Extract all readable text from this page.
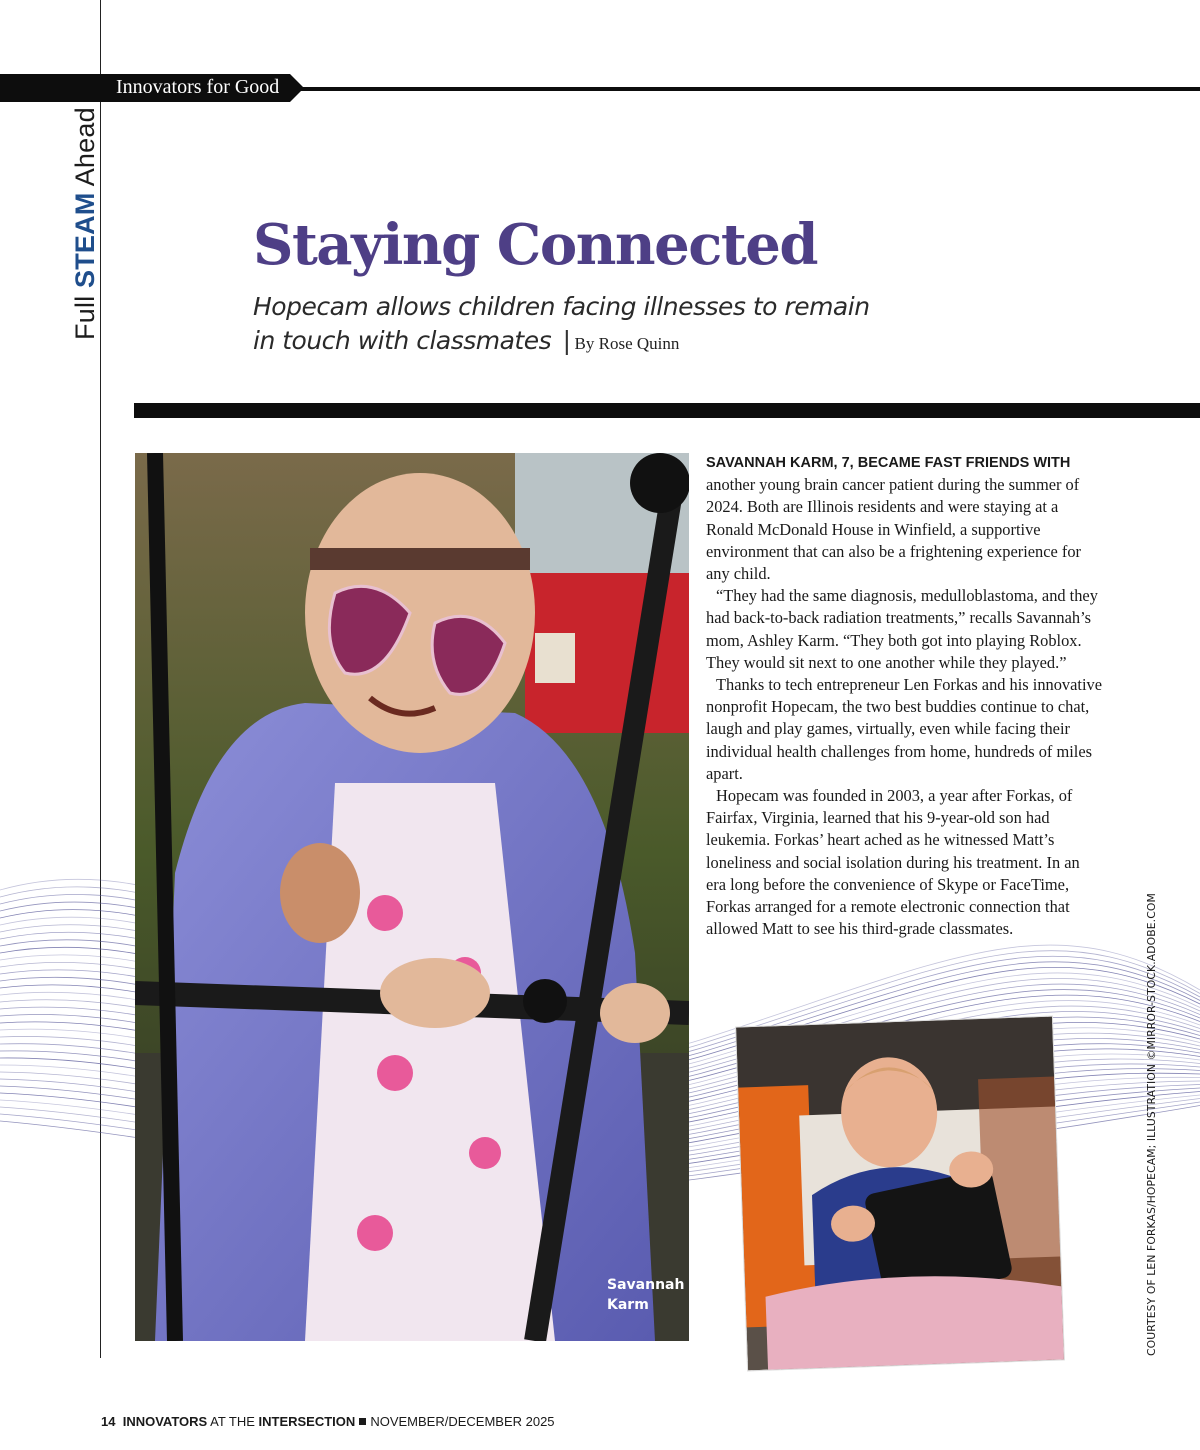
Innovators for Good
Full STEAM Ahead
Staying Connected

Hopecam allows children facing illnesses to remain in touch with classmates | By Rose Quinn

Savannah Karm

SAVANNAH KARM, 7, BECAME FAST FRIENDS WITH another young brain cancer patient during the summer of 2024. Both are Illinois residents and were staying at a Ronald McDonald House in Winfield, a supportive environment that can also be a frightening experience for any child.

“They had the same diagnosis, medulloblastoma, and they had back-to-back radiation treatments,” recalls Savannah’s mom, Ashley Karm. “They both got into playing Roblox. They would sit next to one another while they played.”

Thanks to tech entrepreneur Len Forkas and his innovative nonprofit Hopecam, the two best buddies continue to chat, laugh and play games, virtually, even while facing their individual health challenges from home, hundreds of miles apart.

Hopecam was founded in 2003, a year after Forkas, of Fairfax, Virginia, learned that his 9-year-old son had leukemia. Forkas’ heart ached as he witnessed Matt’s loneliness and social isolation during his treatment. In an era long before the convenience of Skype or FaceTime, Forkas arranged for a remote electronic connection that allowed Matt to see his third-grade classmates.	COURTESY OF LEN FORKAS/HOPECAM; ILLUSTRATION ©MIRROR-STOCK.ADOBE.COM
14 INNOVATORS AT THE INTERSECTION NOVEMBER/DECEMBER 2025
